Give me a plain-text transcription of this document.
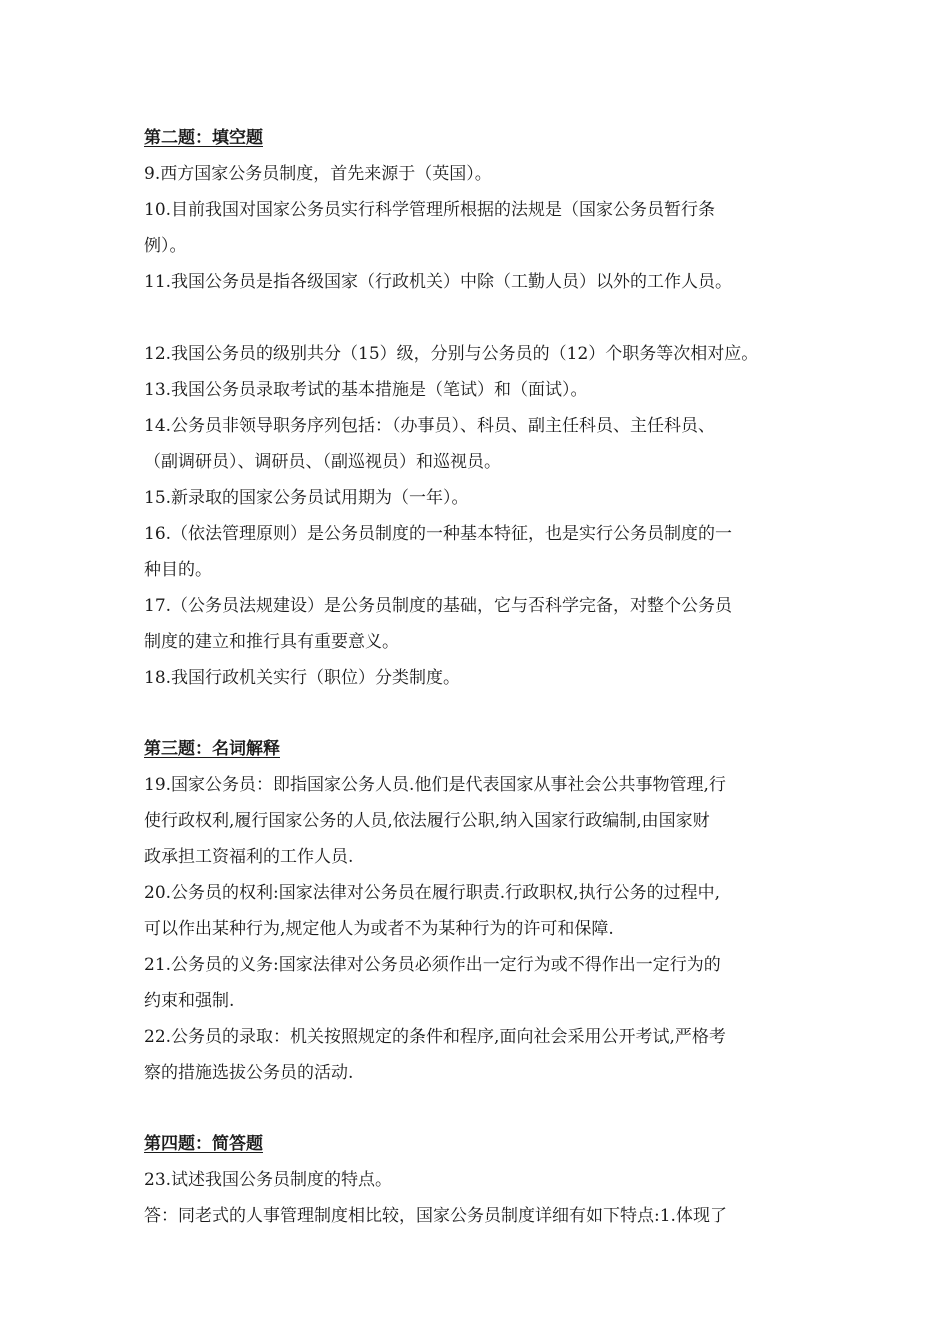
第二题：填空题
9.西方国家公务员制度，首先来源于（英国）。
10.目前我国对国家公务员实行科学管理所根据的法规是（国家公务员暂行条
例）。
11.我国公务员是指各级国家（行政机关）中除（工勤人员）以外的工作人员。
12.我国公务员的级别共分（15）级，分别与公务员的（12）个职务等次相对应。
13.我国公务员录取考试的基本措施是（笔试）和（面试）。
14.公务员非领导职务序列包括：（办事员）、科员、副主任科员、主任科员、
（副调研员）、调研员、（副巡视员）和巡视员。
15.新录取的国家公务员试用期为（一年）。
16.（依法管理原则）是公务员制度的一种基本特征，也是实行公务员制度的一
种目的。
17.（公务员法规建设）是公务员制度的基础，它与否科学完备，对整个公务员
制度的建立和推行具有重要意义。
18.我国行政机关实行（职位）分类制度。
第三题：名词解释
19.国家公务员：即指国家公务人员.他们是代表国家从事社会公共事物管理,行
使行政权利,履行国家公务的人员,依法履行公职,纳入国家行政编制,由国家财
政承担工资福利的工作人员.
20.公务员的权利:国家法律对公务员在履行职责.行政职权,执行公务的过程中,
可以作出某种行为,规定他人为或者不为某种行为的许可和保障.
21.公务员的义务:国家法律对公务员必须作出一定行为或不得作出一定行为的
约束和强制.
22.公务员的录取：机关按照规定的条件和程序,面向社会采用公开考试,严格考
察的措施选拔公务员的活动.
第四题：简答题
23.试述我国公务员制度的特点。
答：同老式的人事管理制度相比较，国家公务员制度详细有如下特点:1.体现了
